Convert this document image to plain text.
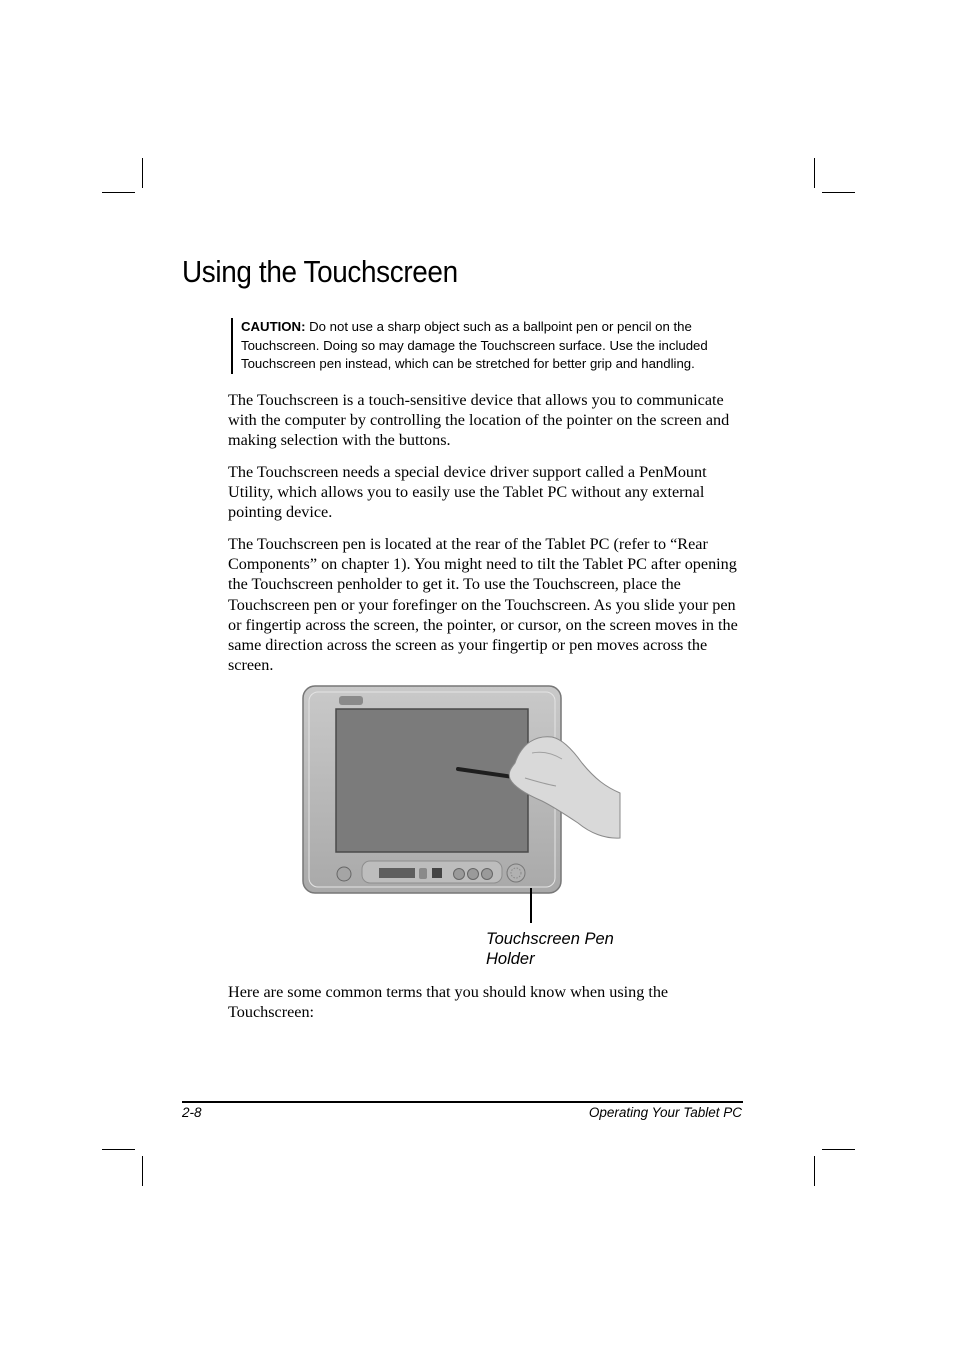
Using the Touchscreen
CAUTION: Do not use a sharp object such as a ballpoint pen or pencil on the Touchscreen. Doing so may damage the Touchscreen surface. Use the included Touchscreen pen instead, which can be stretched for better grip and handling.

The Touchscreen is a touch-sensitive device that allows you to communicate with the computer by controlling the location of the pointer on the screen and making selection with the buttons.

The Touchscreen needs a special device driver support called a PenMount Utility, which allows you to easily use the Tablet PC without any external pointing device.

The Touchscreen pen is located at the rear of the Tablet PC (refer to “Rear Components” on chapter 1). You might need to tilt the Tablet PC after opening the Touchscreen penholder to get it. To use the Touchscreen, place the Touchscreen pen or your forefinger on the Touchscreen. As you slide your pen or fingertip across the screen, the pointer, or cursor, on the screen moves in the same direction across the screen as your fingertip or pen moves across the screen.

Touchscreen Pen Holder

Here are some common terms that you should know when using the Touchscreen:

2-8	Operating Your Tablet PC
